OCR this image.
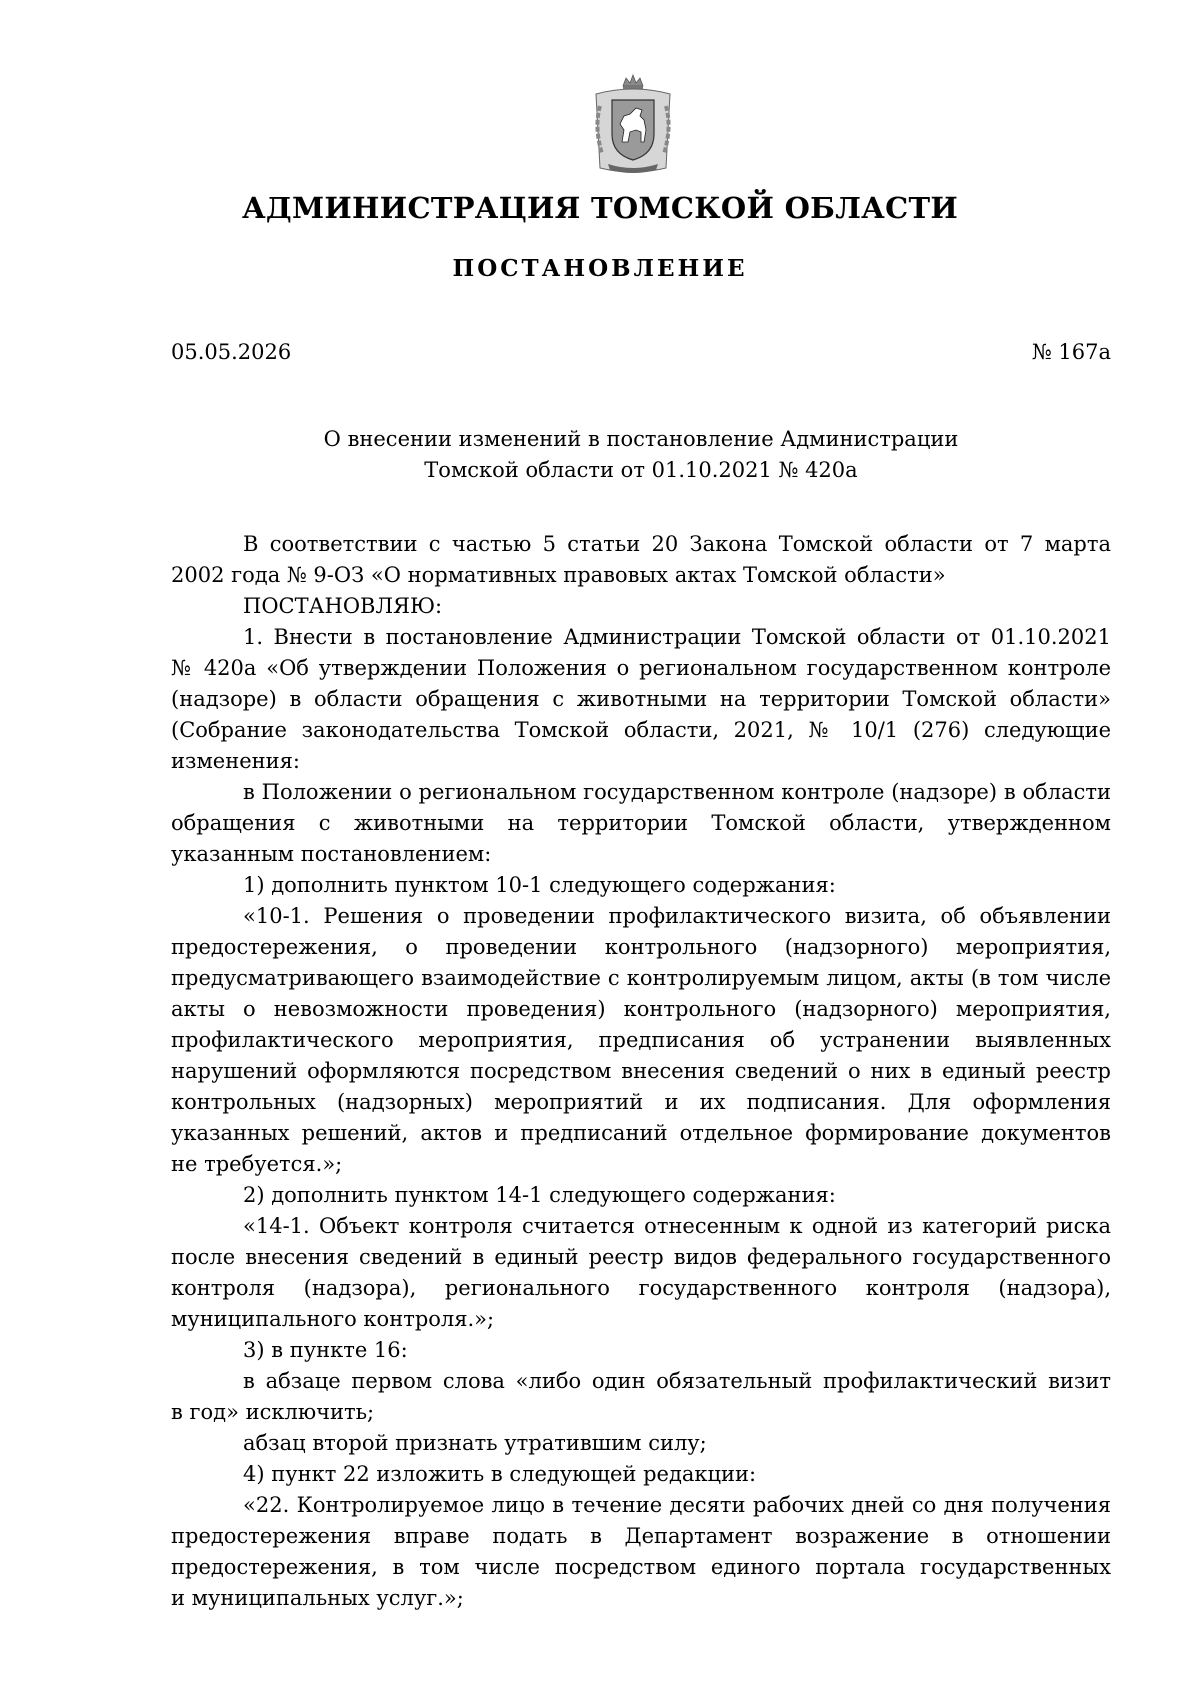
АДМИНИСТРАЦИЯ ТОМСКОЙ ОБЛАСТИ
ПОСТАНОВЛЕНИЕ
05.05.2026	№ 167а
О внесении изменений в постановление Администрации
Томской области от 01.10.2021 № 420а
В соответствии с частью 5 статьи 20 Закона Томской области от 7 марта
2002 года № 9-ОЗ «О нормативных правовых актах Томской области»
ПОСТАНОВЛЯЮ:
1. Внести в постановление Администрации Томской области от 01.10.2021
№ 420а «Об утверждении Положения о региональном государственном контроле
(надзоре) в области обращения с животными на территории Томской области»
(Собрание законодательства Томской области, 2021, № 10/1 (276) следующие
изменения:
в Положении о региональном государственном контроле (надзоре) в области
обращения с животными на территории Томской области, утвержденном
указанным постановлением:
1) дополнить пунктом 10-1 следующего содержания:
«10-1. Решения о проведении профилактического визита, об объявлении
предостережения, о проведении контрольного (надзорного) мероприятия,
предусматривающего взаимодействие с контролируемым лицом, акты (в том числе
акты о невозможности проведения) контрольного (надзорного) мероприятия,
профилактического мероприятия, предписания об устранении выявленных
нарушений оформляются посредством внесения сведений о них в единый реестр
контрольных (надзорных) мероприятий и их подписания. Для оформления
указанных решений, актов и предписаний отдельное формирование документов
не требуется.»;
2) дополнить пунктом 14-1 следующего содержания:
«14-1. Объект контроля считается отнесенным к одной из категорий риска
после внесения сведений в единый реестр видов федерального государственного
контроля (надзора), регионального государственного контроля (надзора),
муниципального контроля.»;
3) в пункте 16:
в абзаце первом слова «либо один обязательный профилактический визит
в год» исключить;
абзац второй признать утратившим силу;
4) пункт 22 изложить в следующей редакции:
«22. Контролируемое лицо в течение десяти рабочих дней со дня получения
предостережения вправе подать в Департамент возражение в отношении
предостережения, в том числе посредством единого портала государственных
и муниципальных услуг.»;
